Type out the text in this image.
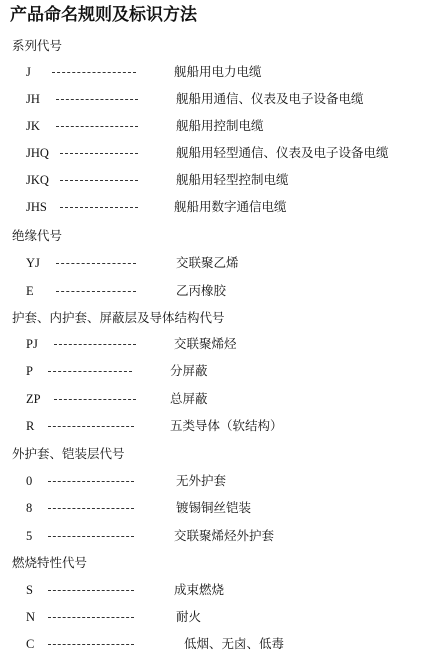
产品命名规则及标识方法
系列代号
J	舰船用电力电缆
JH	舰船用通信、仪表及电子设备电缆
JK	舰船用控制电缆
JHQ	舰船用轻型通信、仪表及电子设备电缆
JKQ	舰船用轻型控制电缆
JHS	舰船用数字通信电缆
绝缘代号
YJ	交联聚乙烯
E	乙丙橡胶
护套、内护套、屏蔽层及导体结构代号
PJ	交联聚烯烃
P	分屏蔽
ZP	总屏蔽
R	五类导体（软结构）
外护套、铠装层代号
0	无外护套
8	镀锡铜丝铠装
5	交联聚烯烃外护套
燃烧特性代号
S	成束燃烧
N	耐火
C	低烟、无卤、低毒
